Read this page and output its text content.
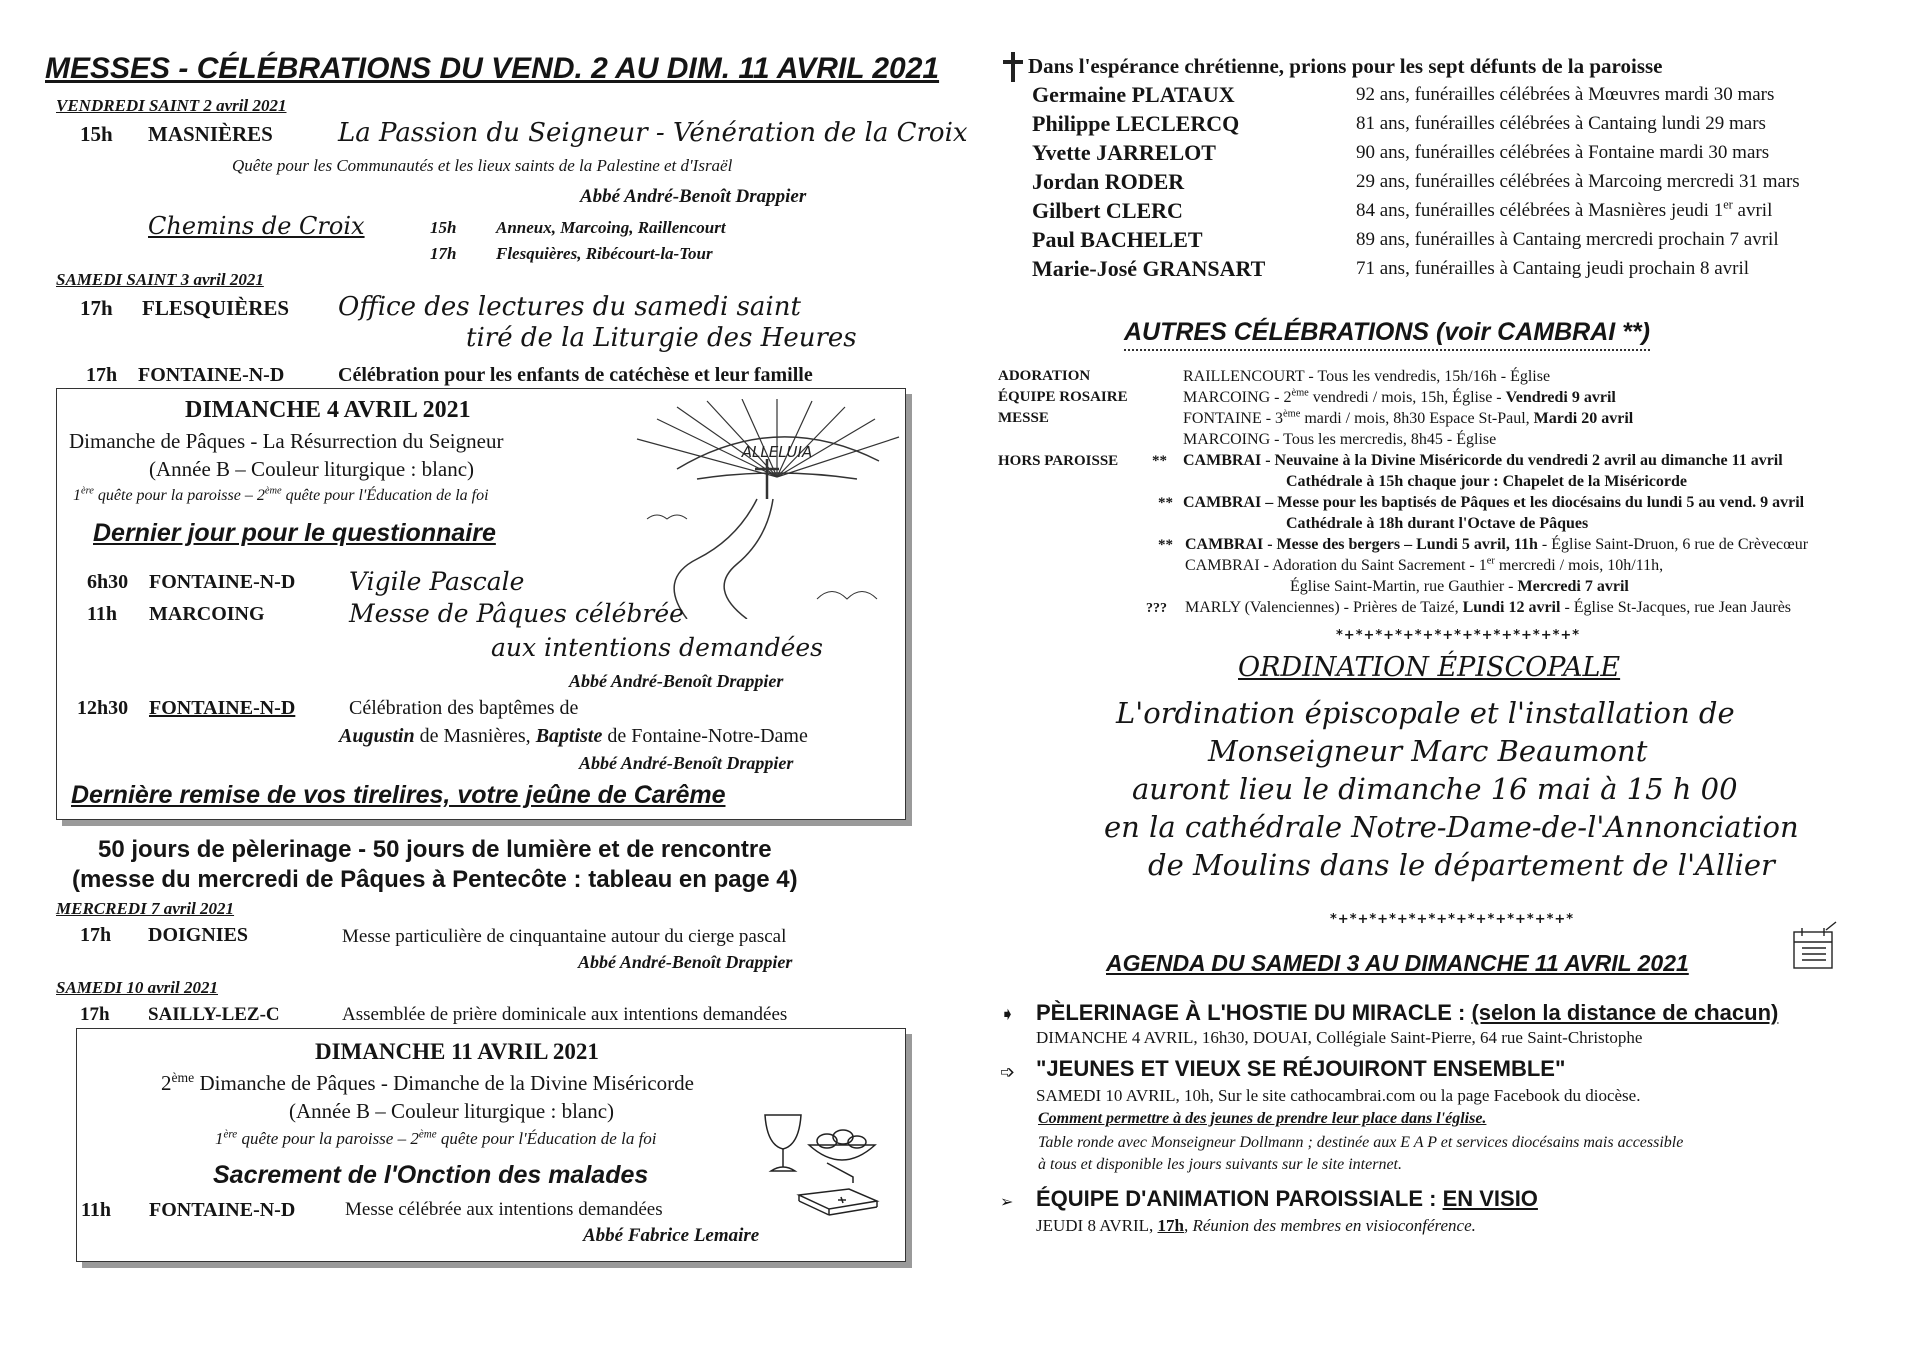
MESSES - CÉLÉBRATIONS DU VEND. 2 AU DIM. 11 AVRIL 2021
VENDREDI SAINT 2 avril 2021
15h MASNIÈRES	La Passion du Seigneur - Vénération de la Croix
Quête pour les Communautés et les lieux saints de la Palestine et d'Israël
Abbé André-Benoît Drappier
Chemins de Croix	15h Anneux, Marcoing, Raillencourt
17h Flesquières, Ribécourt-la-Tour
SAMEDI SAINT 3 avril 2021
17h FLESQUIÈRES Office des lectures du samedi saint
tiré de la Liturgie des Heures
17h FONTAINE-N-D	Célébration pour les enfants de catéchèse et leur famille
DIMANCHE 4 AVRIL 2021
Dimanche de Pâques - La Résurrection du Seigneur
(Année B – Couleur liturgique : blanc)
1ère quête pour la paroisse – 2ème quête pour l'Éducation de la foi
Dernier jour pour le questionnaire
ALLELUIA
6h30 FONTAINE-N-D Vigile Pascale
11h MARCOING	Messe de Pâques célébrée
aux intentions demandées
Abbé André-Benoît Drappier
12h30 FONTAINE-N-D	Célébration des baptêmes de
Augustin de Masnières, Baptiste de Fontaine-Notre-Dame
Abbé André-Benoît Drappier
Dernière remise de vos tirelires, votre jeûne de Carême
50 jours de pèlerinage - 50 jours de lumière et de rencontre
(messe du mercredi de Pâques à Pentecôte : tableau en page 4)
MERCREDI 7 avril 2021
17h DOIGNIES	Messe particulière de cinquantaine autour du cierge pascal
Abbé André-Benoît Drappier
SAMEDI 10 avril 2021
17h SAILLY-LEZ-C	Assemblée de prière dominicale aux intentions demandées
DIMANCHE 11 AVRIL 2021
2ème Dimanche de Pâques - Dimanche de la Divine Miséricorde
(Année B – Couleur liturgique : blanc)
1ère quête pour la paroisse – 2ème quête pour l'Éducation de la foi
Sacrement de l'Onction des malades
11h FONTAINE-N-D	Messe célébrée aux intentions demandées
Abbé Fabrice Lemaire
Dans l'espérance chrétienne, prions pour les sept défunts de la paroisse
Germaine PLATAUX	92 ans, funérailles célébrées à Mœuvres mardi 30 mars
Philippe LECLERCQ	81 ans, funérailles célébrées à Cantaing lundi 29 mars
Yvette JARRELOT	90 ans, funérailles célébrées à Fontaine mardi 30 mars
Jordan RODER	29 ans, funérailles célébrées à Marcoing mercredi 31 mars
Gilbert CLERC	84 ans, funérailles célébrées à Masnières jeudi 1er avril
Paul BACHELET	89 ans, funérailles à Cantaing mercredi prochain 7 avril
Marie-José GRANSART	71 ans, funérailles à Cantaing jeudi prochain 8 avril
AUTRES CÉLÉBRATIONS (voir CAMBRAI **)
ADORATION	RAILLENCOURT - Tous les vendredis, 15h/16h - Église
ÉQUIPE ROSAIRE	MARCOING - 2ème vendredi / mois, 15h, Église - Vendredi 9 avril
MESSE	FONTAINE - 3ème mardi / mois, 8h30 Espace St-Paul, Mardi 20 avril
MARCOING - Tous les mercredis, 8h45 - Église
HORS PAROISSE ** CAMBRAI - Neuvaine à la Divine Miséricorde du vendredi 2 avril au dimanche 11 avril
Cathédrale à 15h chaque jour : Chapelet de la Miséricorde
** CAMBRAI – Messe pour les baptisés de Pâques et les diocésains du lundi 5 au vend. 9 avril
Cathédrale à 18h durant l'Octave de Pâques
** CAMBRAI - Messe des bergers – Lundi 5 avril, 11h - Église Saint-Druon, 6 rue de Crèvecœur
CAMBRAI - Adoration du Saint Sacrement - 1er mercredi / mois, 10h/11h,
Église Saint-Martin, rue Gauthier - Mercredi 7 avril
??? MARLY (Valenciennes) - Prières de Taizé, Lundi 12 avril - Église St-Jacques, rue Jean Jaurès
*+*+*+*+*+*+*+*+*+*+*+*+*
ORDINATION ÉPISCOPALE
L'ordination épiscopale et l'installation de
Monseigneur Marc Beaumont
auront lieu le dimanche 16 mai à 15 h 00
en la cathédrale Notre-Dame-de-l'Annonciation
de Moulins dans le département de l'Allier
*+*+*+*+*+*+*+*+*+*+*+*+*
AGENDA DU SAMEDI 3 AU DIMANCHE 11 AVRIL 2021
➧ PÈLERINAGE À L'HOSTIE DU MIRACLE : (selon la distance de chacun)
DIMANCHE 4 AVRIL, 16h30, DOUAI, Collégiale Saint-Pierre, 64 rue Saint-Christophe
➩ "JEUNES ET VIEUX SE RÉJOUIRONT ENSEMBLE"
SAMEDI 10 AVRIL, 10h, Sur le site cathocambrai.com ou la page Facebook du diocèse.
Comment permettre à des jeunes de prendre leur place dans l'église.
Table ronde avec Monseigneur Dollmann ; destinée aux E A P et services diocésains mais accessible
à tous et disponible les jours suivants sur le site internet.
➢ ÉQUIPE D'ANIMATION PAROISSIALE : EN VISIO
JEUDI 8 AVRIL, 17h, Réunion des membres en visioconférence.
